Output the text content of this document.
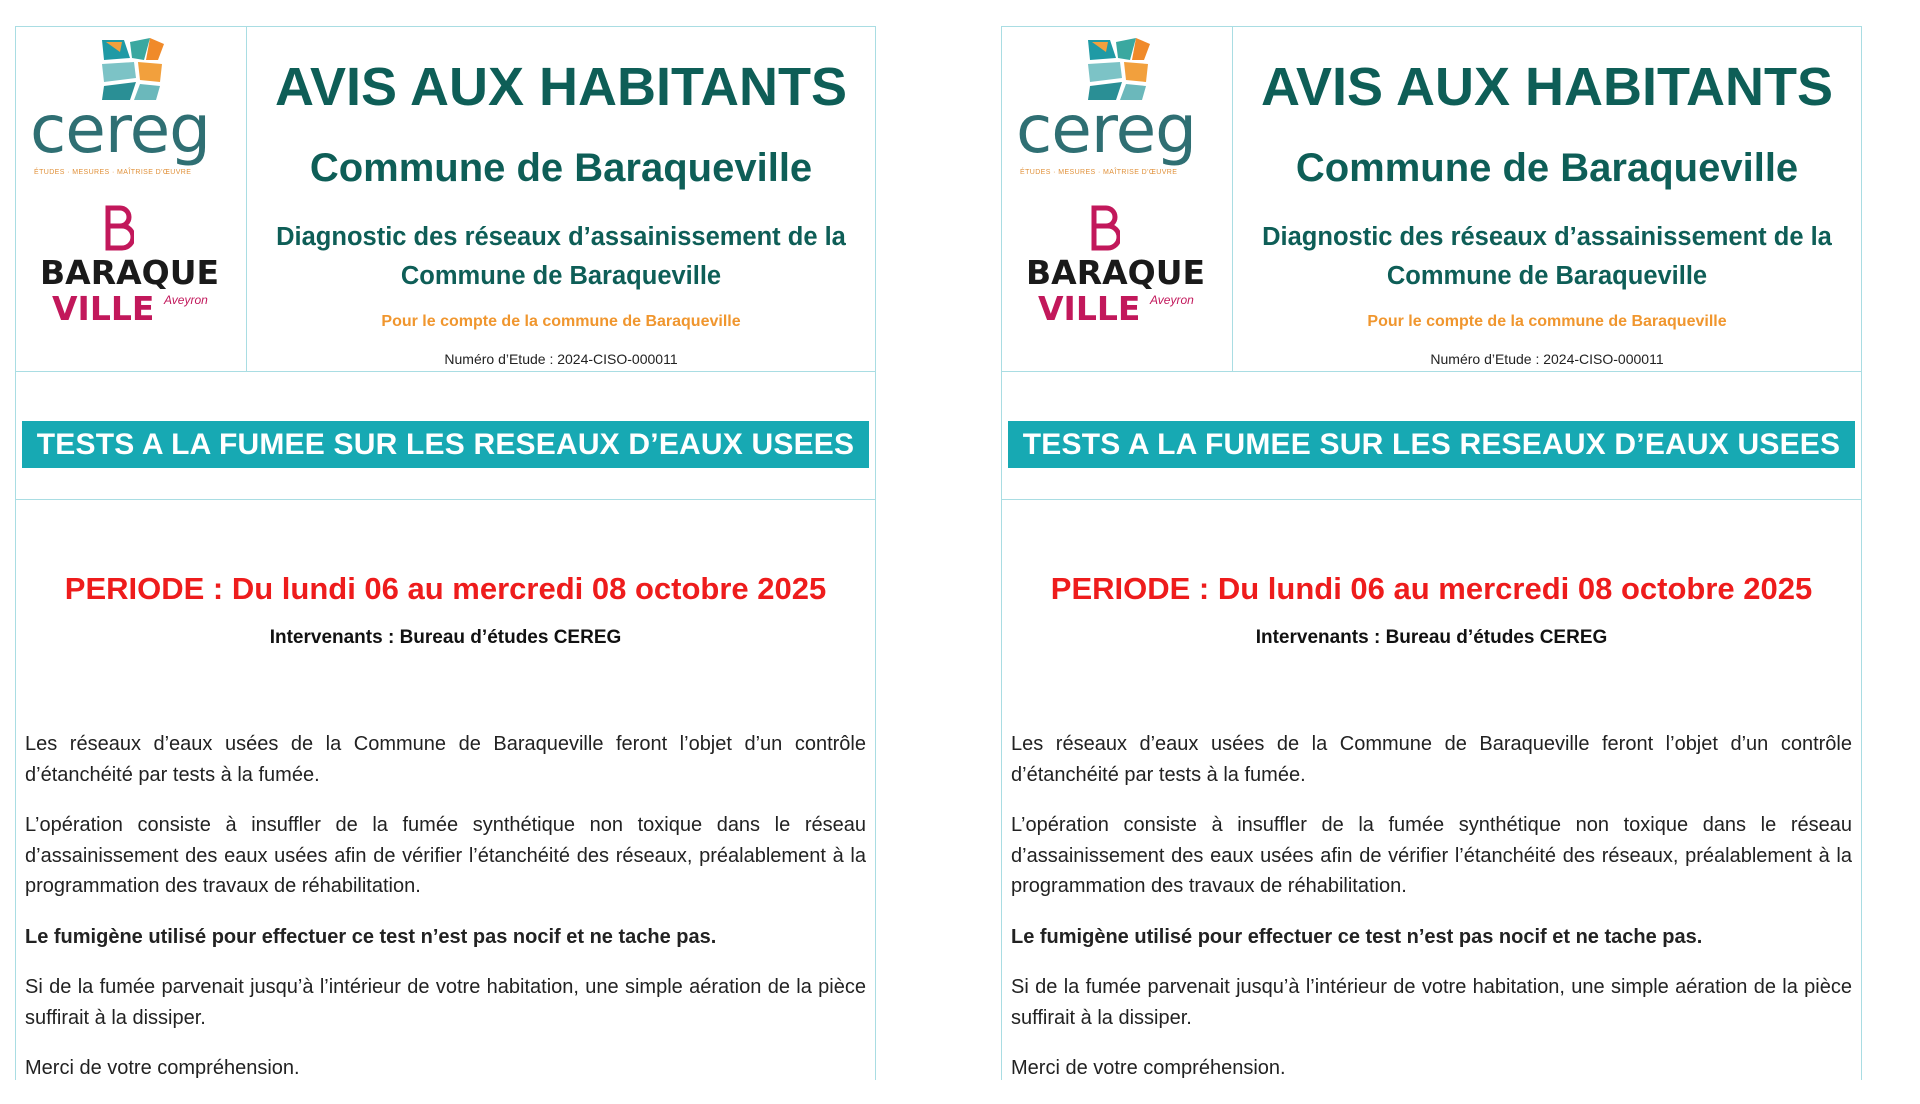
cereg
ÉTUDES · MESURES · MAÎTRISE D'ŒUVRE
BARAQUE
VILLE Aveyron
AVIS AUX HABITANTS
Commune de Baraqueville
Diagnostic des réseaux d’assainissement de la Commune de Baraqueville
Pour le compte de la commune de Baraqueville
Numéro d’Etude : 2024-CISO-000011
TESTS A LA FUMEE SUR LES RESEAUX D’EAUX USEES
PERIODE : Du lundi 06 au mercredi 08 octobre 2025
Intervenants : Bureau d’études CEREG

Les réseaux d’eaux usées de la Commune de Baraqueville feront l’objet d’un contrôle d’étanchéité par tests à la fumée.

L’opération consiste à insuffler de la fumée synthétique non toxique dans le réseau d’assainissement des eaux usées afin de vérifier l’étanchéité des réseaux, préalablement à la programmation des travaux de réhabilitation.

Le fumigène utilisé pour effectuer ce test n’est pas nocif et ne tache pas.

Si de la fumée parvenait jusqu’à l’intérieur de votre habitation, une simple aération de la pièce suffirait à la dissiper.

Merci de votre compréhension.

cereg
ÉTUDES · MESURES · MAÎTRISE D'ŒUVRE
BARAQUE
VILLE Aveyron
AVIS AUX HABITANTS
Commune de Baraqueville
Diagnostic des réseaux d’assainissement de la Commune de Baraqueville
Pour le compte de la commune de Baraqueville
Numéro d’Etude : 2024-CISO-000011
TESTS A LA FUMEE SUR LES RESEAUX D’EAUX USEES
PERIODE : Du lundi 06 au mercredi 08 octobre 2025
Intervenants : Bureau d’études CEREG

Les réseaux d’eaux usées de la Commune de Baraqueville feront l’objet d’un contrôle d’étanchéité par tests à la fumée.

L’opération consiste à insuffler de la fumée synthétique non toxique dans le réseau d’assainissement des eaux usées afin de vérifier l’étanchéité des réseaux, préalablement à la programmation des travaux de réhabilitation.

Le fumigène utilisé pour effectuer ce test n’est pas nocif et ne tache pas.

Si de la fumée parvenait jusqu’à l’intérieur de votre habitation, une simple aération de la pièce suffirait à la dissiper.

Merci de votre compréhension.
